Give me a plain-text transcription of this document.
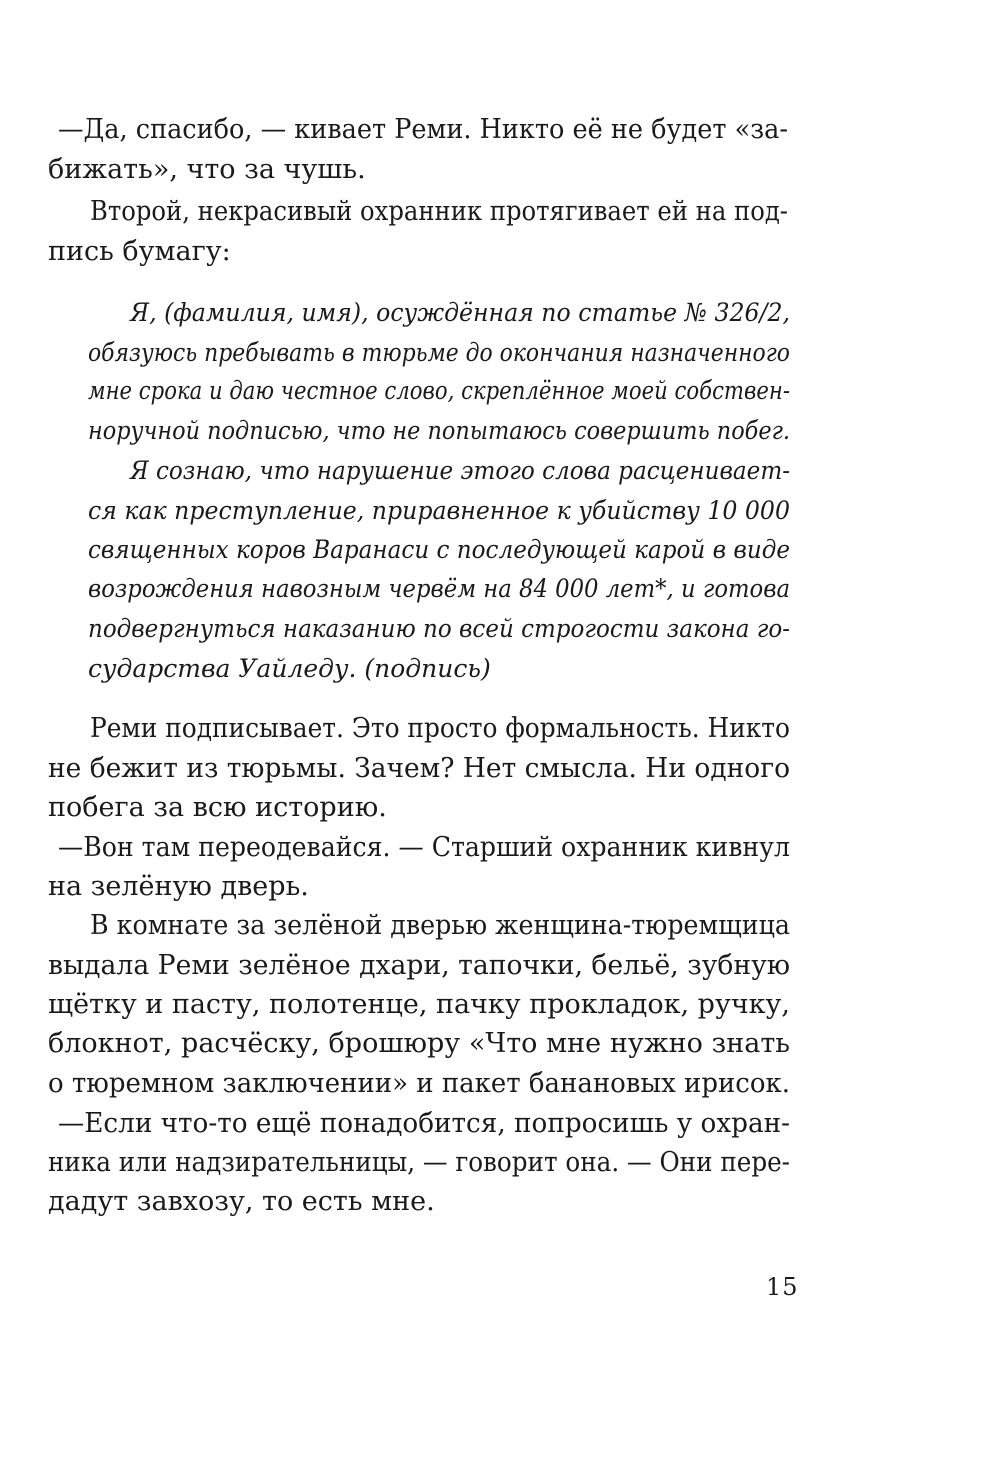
—Да, спасибо, — кивает Реми. Никто её не будет «за-
бижать», что за чушь.
Второй, некрасивый охранник протягивает ей на под-
пись бумагу:
Я, (фамилия, имя), осуждённая по статье № 326/2,
обязуюсь пребывать в тюрьме до окончания назначенного
мне срока и даю честное слово, скреплённое моей собствен-
норучной подписью, что не попытаюсь совершить побег.
Я сознаю, что нарушение этого слова расценивает-
ся как преступление, приравненное к убийству 10 000
священных коров Варанаси с последующей карой в виде
возрождения навозным червём на 84 000 лет*, и готова
подвергнуться наказанию по всей строгости закона го-
сударства Уайледу. (подпись)
Реми подписывает. Это просто формальность. Никто
не бежит из тюрьмы. Зачем? Нет смысла. Ни одного
побега за всю историю.
—Вон там переодевайся. — Старший охранник кивнул
на зелёную дверь.
В комнате за зелёной дверью женщина-тюремщица
выдала Реми зелёное дхари, тапочки, бельё, зубную
щётку и пасту, полотенце, пачку прокладок, ручку,
блокнот, расчёску, брошюру «Что мне нужно знать
о тюремном заключении» и пакет банановых ирисок.
—Если что-то ещё понадобится, попросишь у охран-
ника или надзирательницы, — говорит она. — Они пере-
дадут завхозу, то есть мне.
15
